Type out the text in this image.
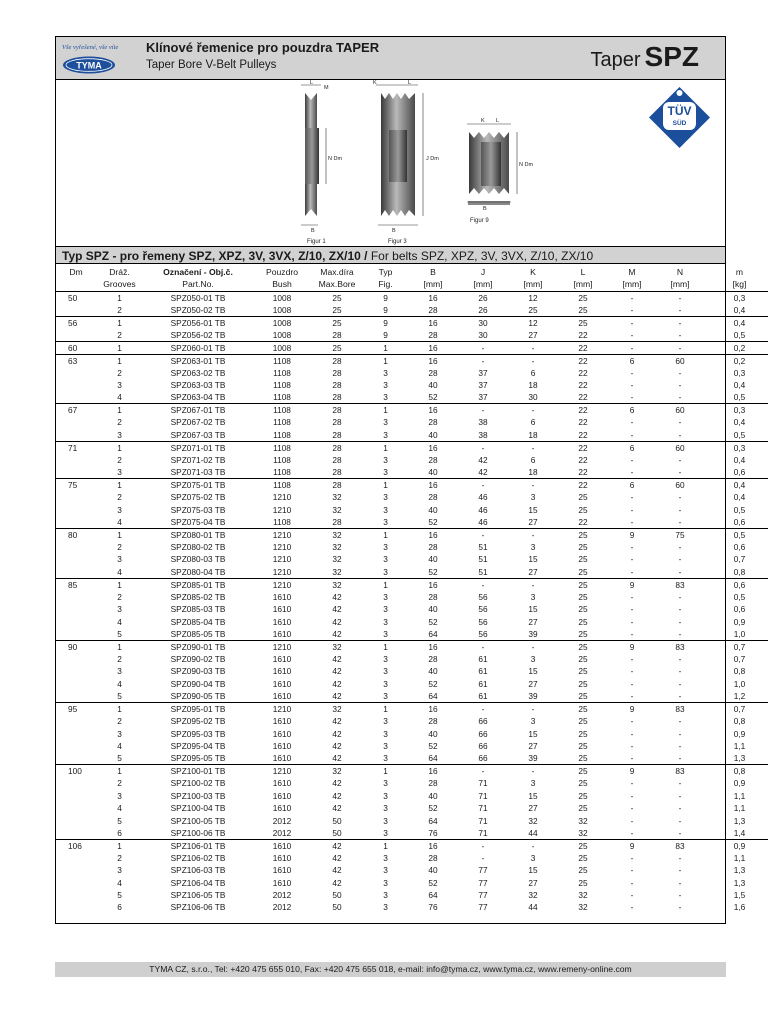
Vše vyřešené, vše víte
TYMA
Klínové řemenice pro pouzdra TAPER
Taper Bore V-Belt Pulleys	Taper SPZ
N Dm
L
M
B
Figur 1
J Dm
K
B
L
Figur 3
N Dm
K L
B
Figur 9
TÜV
SÜD
Typ SPZ - pro řemeny SPZ, XPZ, 3V, 3VX, Z/10, ZX/10 / For belts SPZ, XPZ, 3V, 3VX, Z/10, ZX/10
Dm	Dráž.	Označení - Obj.č.	Pouzdro	Max.díra	Typ	B	J	K	L	M	N	m
	Grooves	Part.No.	Bush	Max.Bore	Fig.	[mm]	[mm]	[mm]	[mm]	[mm]	[mm]	[kg]
50	1	SPZ050-01 TB	1008	25	9	16	26	12	25	-	-	0,3
	2	SPZ050-02 TB	1008	25	9	28	26	25	25	-	-	0,4
56	1	SPZ056-01 TB	1008	25	9	16	30	12	25	-	-	0,4
	2	SPZ056-02 TB	1008	28	9	28	30	27	22	-	-	0,5
60	1	SPZ060-01 TB	1008	25	1	16	-	-	22	-	-	0,2
63	1	SPZ063-01 TB	1108	28	1	16	-	-	22	6	60	0,2
	2	SPZ063-02 TB	1108	28	3	28	37	6	22	-	-	0,3
	3	SPZ063-03 TB	1108	28	3	40	37	18	22	-	-	0,4
	4	SPZ063-04 TB	1108	28	3	52	37	30	22	-	-	0,5
67	1	SPZ067-01 TB	1108	28	1	16	-	-	22	6	60	0,3
	2	SPZ067-02 TB	1108	28	3	28	38	6	22	-	-	0,4
	3	SPZ067-03 TB	1108	28	3	40	38	18	22	-	-	0,5
71	1	SPZ071-01 TB	1108	28	1	16	-	-	22	6	60	0,3
	2	SPZ071-02 TB	1108	28	3	28	42	6	22	-	-	0,4
	3	SPZ071-03 TB	1108	28	3	40	42	18	22	-	-	0,6
75	1	SPZ075-01 TB	1108	28	1	16	-	-	22	6	60	0,4
	2	SPZ075-02 TB	1210	32	3	28	46	3	25	-	-	0,4
	3	SPZ075-03 TB	1210	32	3	40	46	15	25	-	-	0,5
	4	SPZ075-04 TB	1108	28	3	52	46	27	22	-	-	0,6
80	1	SPZ080-01 TB	1210	32	1	16	-	-	25	9	75	0,5
	2	SPZ080-02 TB	1210	32	3	28	51	3	25	-	-	0,6
	3	SPZ080-03 TB	1210	32	3	40	51	15	25	-	-	0,7
	4	SPZ080-04 TB	1210	32	3	52	51	27	25	-	-	0,8
85	1	SPZ085-01 TB	1210	32	1	16	-	-	25	9	83	0,6
	2	SPZ085-02 TB	1610	42	3	28	56	3	25	-	-	0,5
	3	SPZ085-03 TB	1610	42	3	40	56	15	25	-	-	0,6
	4	SPZ085-04 TB	1610	42	3	52	56	27	25	-	-	0,9
	5	SPZ085-05 TB	1610	42	3	64	56	39	25	-	-	1,0
90	1	SPZ090-01 TB	1210	32	1	16	-	-	25	9	83	0,7
	2	SPZ090-02 TB	1610	42	3	28	61	3	25	-	-	0,7
	3	SPZ090-03 TB	1610	42	3	40	61	15	25	-	-	0,8
	4	SPZ090-04 TB	1610	42	3	52	61	27	25	-	-	1,0
	5	SPZ090-05 TB	1610	42	3	64	61	39	25	-	-	1,2
95	1	SPZ095-01 TB	1210	32	1	16	-	-	25	9	83	0,7
	2	SPZ095-02 TB	1610	42	3	28	66	3	25	-	-	0,8
	3	SPZ095-03 TB	1610	42	3	40	66	15	25	-	-	0,9
	4	SPZ095-04 TB	1610	42	3	52	66	27	25	-	-	1,1
	5	SPZ095-05 TB	1610	42	3	64	66	39	25	-	-	1,3
100	1	SPZ100-01 TB	1210	32	1	16	-	-	25	9	83	0,8
	2	SPZ100-02 TB	1610	42	3	28	71	3	25	-	-	0,9
	3	SPZ100-03 TB	1610	42	3	40	71	15	25	-	-	1,1
	4	SPZ100-04 TB	1610	42	3	52	71	27	25	-	-	1,1
	5	SPZ100-05 TB	2012	50	3	64	71	32	32	-	-	1,3
	6	SPZ100-06 TB	2012	50	3	76	71	44	32	-	-	1,4
106	1	SPZ106-01 TB	1610	42	1	16	-	-	25	9	83	0,9
	2	SPZ106-02 TB	1610	42	3	28	-	3	25	-	-	1,1
	3	SPZ106-03 TB	1610	42	3	40	77	15	25	-	-	1,3
	4	SPZ106-04 TB	1610	42	3	52	77	27	25	-	-	1,3
	5	SPZ106-05 TB	2012	50	3	64	77	32	32	-	-	1,5
	6	SPZ106-06 TB	2012	50	3	76	77	44	32	-	-	1,6
TYMA CZ, s.r.o., Tel: +420 475 655 010, Fax: +420 475 655 018, e-mail: info@tyma.cz, www.tyma.cz, www.remeny-online.com
